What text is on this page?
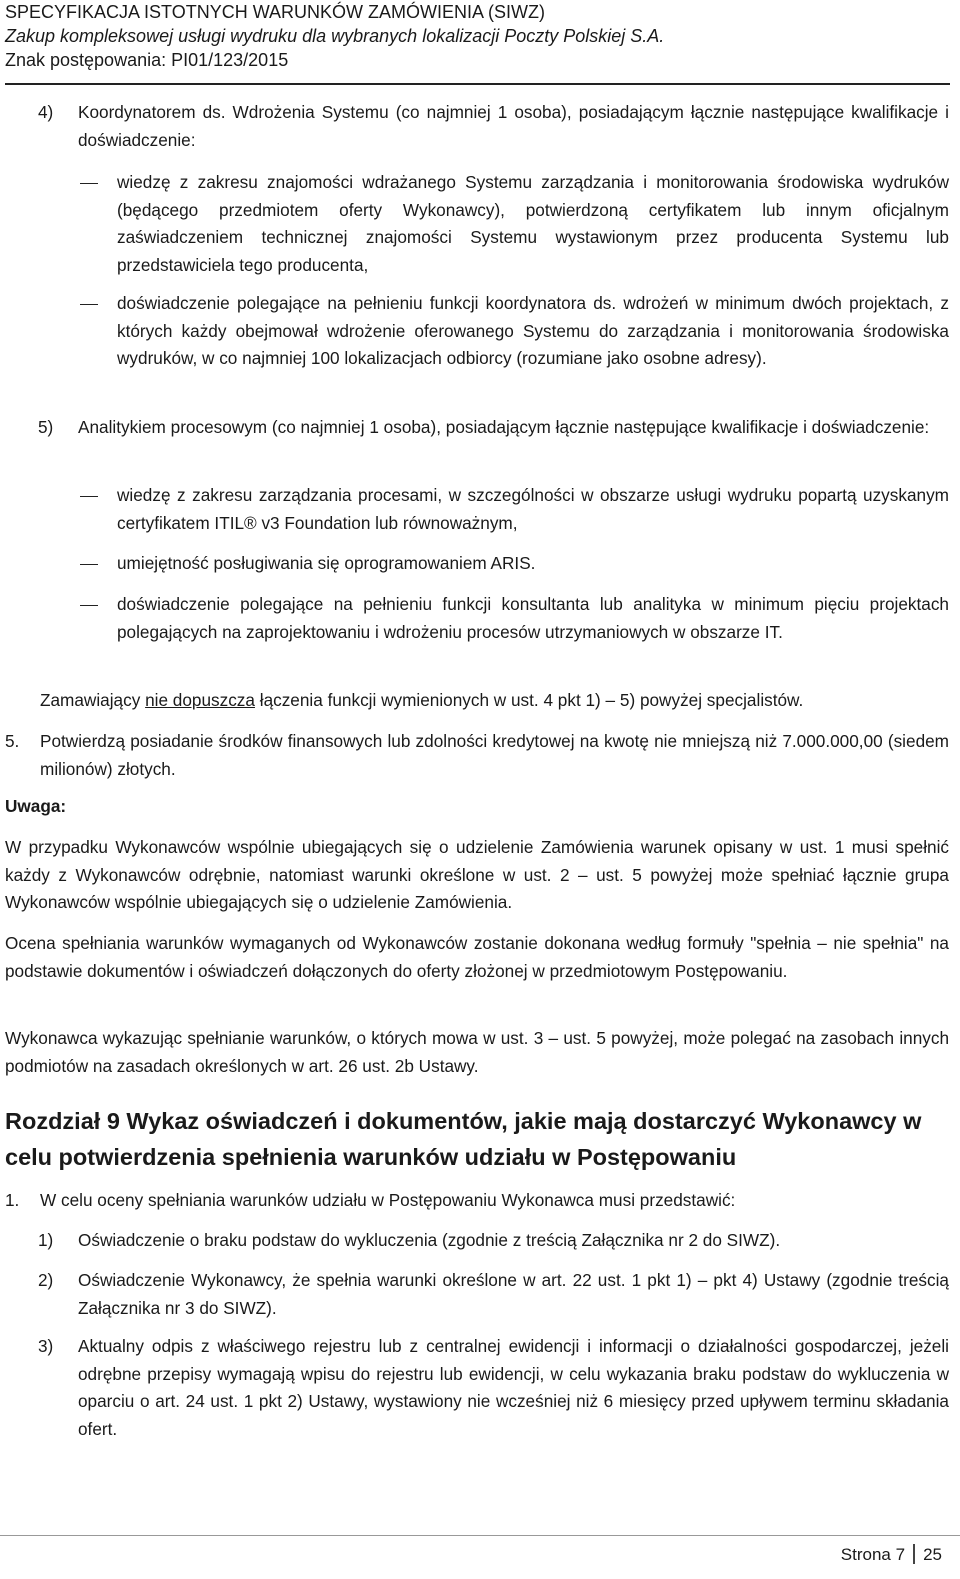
SPECYFIKACJA ISTOTNYCH WARUNKÓW ZAMÓWIENIA (SIWZ)
Zakup kompleksowej usługi wydruku dla wybranych lokalizacji Poczty Polskiej S.A.
Znak postępowania: PI01/123/2015
4) Koordynatorem ds. Wdrożenia Systemu (co najmniej 1 osoba), posiadającym łącznie następujące kwalifikacje i doświadczenie:
wiedzę z zakresu znajomości wdrażanego Systemu zarządzania i monitorowania środowiska wydruków (będącego przedmiotem oferty Wykonawcy), potwierdzoną certyfikatem lub innym oficjalnym zaświadczeniem technicznej znajomości Systemu wystawionym przez producenta Systemu lub przedstawiciela tego producenta,
doświadczenie polegające na pełnieniu funkcji koordynatora ds. wdrożeń w minimum dwóch projektach, z których każdy obejmował wdrożenie oferowanego Systemu do zarządzania i monitorowania środowiska wydruków, w co najmniej 100 lokalizacjach odbiorcy (rozumiane jako osobne adresy).
5) Analitykiem procesowym (co najmniej 1 osoba), posiadającym łącznie następujące kwalifikacje i doświadczenie:
wiedzę z zakresu zarządzania procesami, w szczególności w obszarze usługi wydruku popartą uzyskanym certyfikatem ITIL® v3 Foundation lub równoważnym,
umiejętność posługiwania się oprogramowaniem ARIS.
doświadczenie polegające na pełnieniu funkcji konsultanta lub analityka w minimum pięciu projektach polegających na zaprojektowaniu i wdrożeniu procesów utrzymaniowych w obszarze IT.
Zamawiający nie dopuszcza łączenia funkcji wymienionych w ust. 4 pkt 1) – 5) powyżej specjalistów.
5. Potwierdzą posiadanie środków finansowych lub zdolności kredytowej na kwotę nie mniejszą niż 7.000.000,00 (siedem milionów) złotych.
Uwaga:
W przypadku Wykonawców wspólnie ubiegających się o udzielenie Zamówienia warunek opisany w ust. 1 musi spełnić każdy z Wykonawców odrębnie, natomiast warunki określone w ust. 2 – ust. 5 powyżej może spełniać łącznie grupa Wykonawców wspólnie ubiegających się o udzielenie Zamówienia.
Ocena spełniania warunków wymaganych od Wykonawców zostanie dokonana według formuły "spełnia – nie spełnia" na podstawie dokumentów i oświadczeń dołączonych do oferty złożonej w przedmiotowym Postępowaniu.
Wykonawca wykazując spełnianie warunków, o których mowa w ust. 3 – ust. 5 powyżej, może polegać na zasobach innych podmiotów na zasadach określonych w art. 26 ust. 2b Ustawy.
Rozdział 9 Wykaz oświadczeń i dokumentów, jakie mają dostarczyć Wykonawcy w celu potwierdzenia spełnienia warunków udziału w Postępowaniu
1. W celu oceny spełniania warunków udziału w Postępowaniu Wykonawca musi przedstawić:
1) Oświadczenie o braku podstaw do wykluczenia (zgodnie z treścią Załącznika nr 2 do SIWZ).
2) Oświadczenie Wykonawcy, że spełnia warunki określone w art. 22 ust. 1 pkt 1) – pkt 4) Ustawy (zgodnie treścią Załącznika nr 3 do SIWZ).
3) Aktualny odpis z właściwego rejestru lub z centralnej ewidencji i informacji o działalności gospodarczej, jeżeli odrębne przepisy wymagają wpisu do rejestru lub ewidencji, w celu wykazania braku podstaw do wykluczenia w oparciu o art. 24 ust. 1 pkt 2) Ustawy, wystawiony nie wcześniej niż 6 miesięcy przed upływem terminu składania ofert.
Strona 7 25
